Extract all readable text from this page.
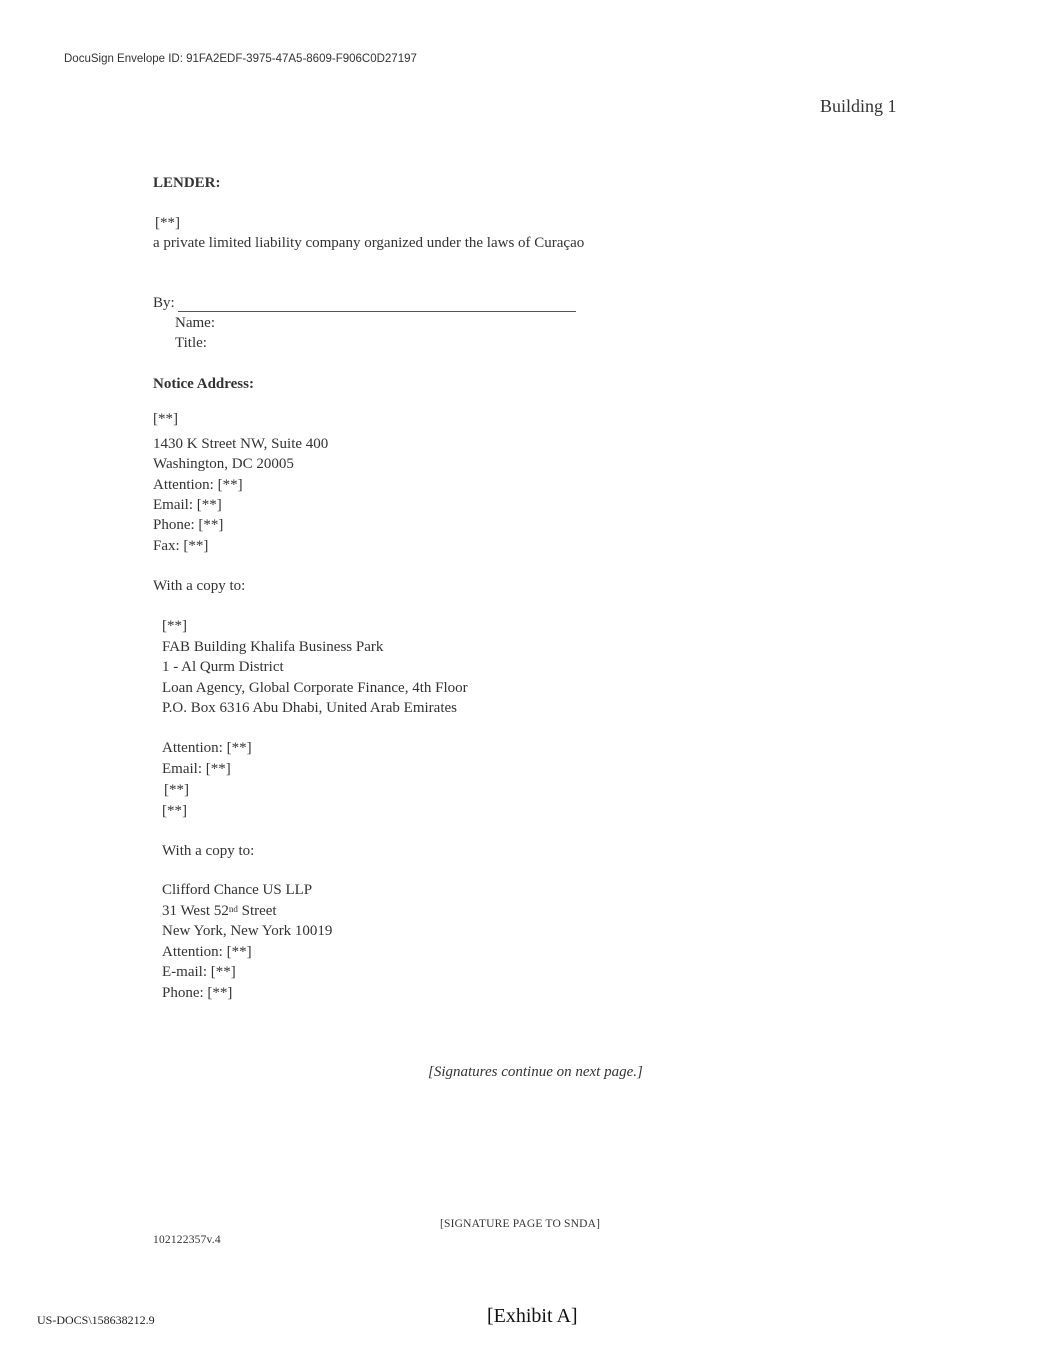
DocuSign Envelope ID: 91FA2EDF-3975-47A5-8609-F906C0D27197
Building 1
LENDER:
[**]
a private limited liability company organized under the laws of Curaçao
By:
Name:
Title:
Notice Address:
[**]
1430 K Street NW, Suite 400
Washington, DC 20005
Attention: [**]
Email: [**]
Phone: [**]
Fax: [**]
With a copy to:
[**]
FAB Building Khalifa Business Park
1 - Al Qurm District
Loan Agency, Global Corporate Finance, 4th Floor
P.O. Box 6316 Abu Dhabi, United Arab Emirates
Attention: [**]
Email: [**]
[**]
[**]
With a copy to:
Clifford Chance US LLP
31 West 52nd Street
New York, New York 10019
Attention: [**]
E-mail: [**]
Phone: [**]
[Signatures continue on next page.]
[SIGNATURE PAGE TO SNDA]
102122357v.4
US-DOCS\158638212.9	[Exhibit A]
